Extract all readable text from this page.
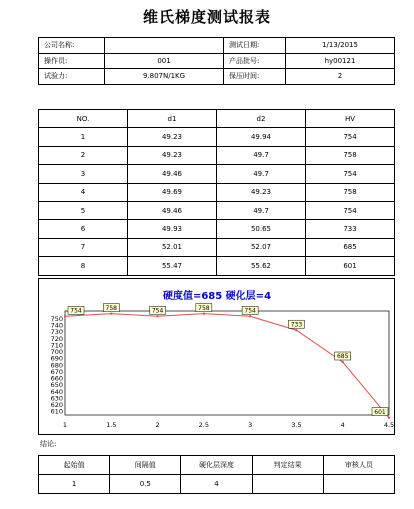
维氏梯度测试报表
公司名称:		测试日期:	1/13/2015
操作员:	001	产品批号:	hy00121
试验力:	9.807N/1KG	保压时间:	2
NO.	d1	d2	HV
1	49.23	49.94	754
2	49.23	49.7	758
3	49.46	49.7	754
4	49.69	49.23	758
5	49.46	49.7	754
6	49.93	50.65	733
7	52.01	52.07	685
8	55.47	55.62	601
硬度值=685 硬化层=4
750
740
730
720
710
700
690
680
670
660
650
640
630
620
610
1	1.5	2	2.5	3	3.5	4	4.5
754	758	754	758	754
733
685
601
结论:
起始值	间隔值	硬化层深度	判定结果	审核人员
1	0.5	4		
